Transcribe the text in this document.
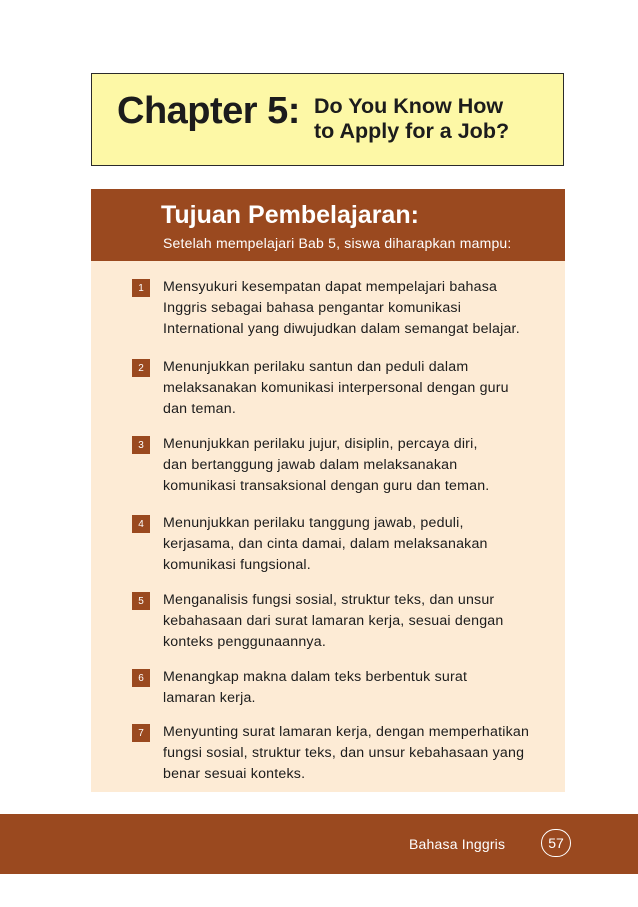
Chapter 5: Do You Know How
to Apply for a Job?
Tujuan Pembelajaran:
Setelah mempelajari Bab 5, siswa diharapkan mampu:
1	Mensyukuri kesempatan dapat mempelajari bahasa
Inggris sebagai bahasa pengantar komunikasi
International yang diwujudkan dalam semangat belajar.
2	Menunjukkan perilaku santun dan peduli dalam
melaksanakan komunikasi interpersonal dengan guru
dan teman.
3	Menunjukkan perilaku jujur, disiplin, percaya diri,
dan bertanggung jawab dalam melaksanakan
komunikasi transaksional dengan guru dan teman.
4	Menunjukkan perilaku tanggung jawab, peduli,
kerjasama, dan cinta damai, dalam melaksanakan
komunikasi fungsional.
5	Menganalisis fungsi sosial, struktur teks, dan unsur
kebahasaan dari surat lamaran kerja, sesuai dengan
konteks penggunaannya.
6	Menangkap makna dalam teks berbentuk surat
lamaran kerja.
7	Menyunting surat lamaran kerja, dengan memperhatikan
fungsi sosial, struktur teks, dan unsur kebahasaan yang
benar sesuai konteks.
Bahasa Inggris	57
